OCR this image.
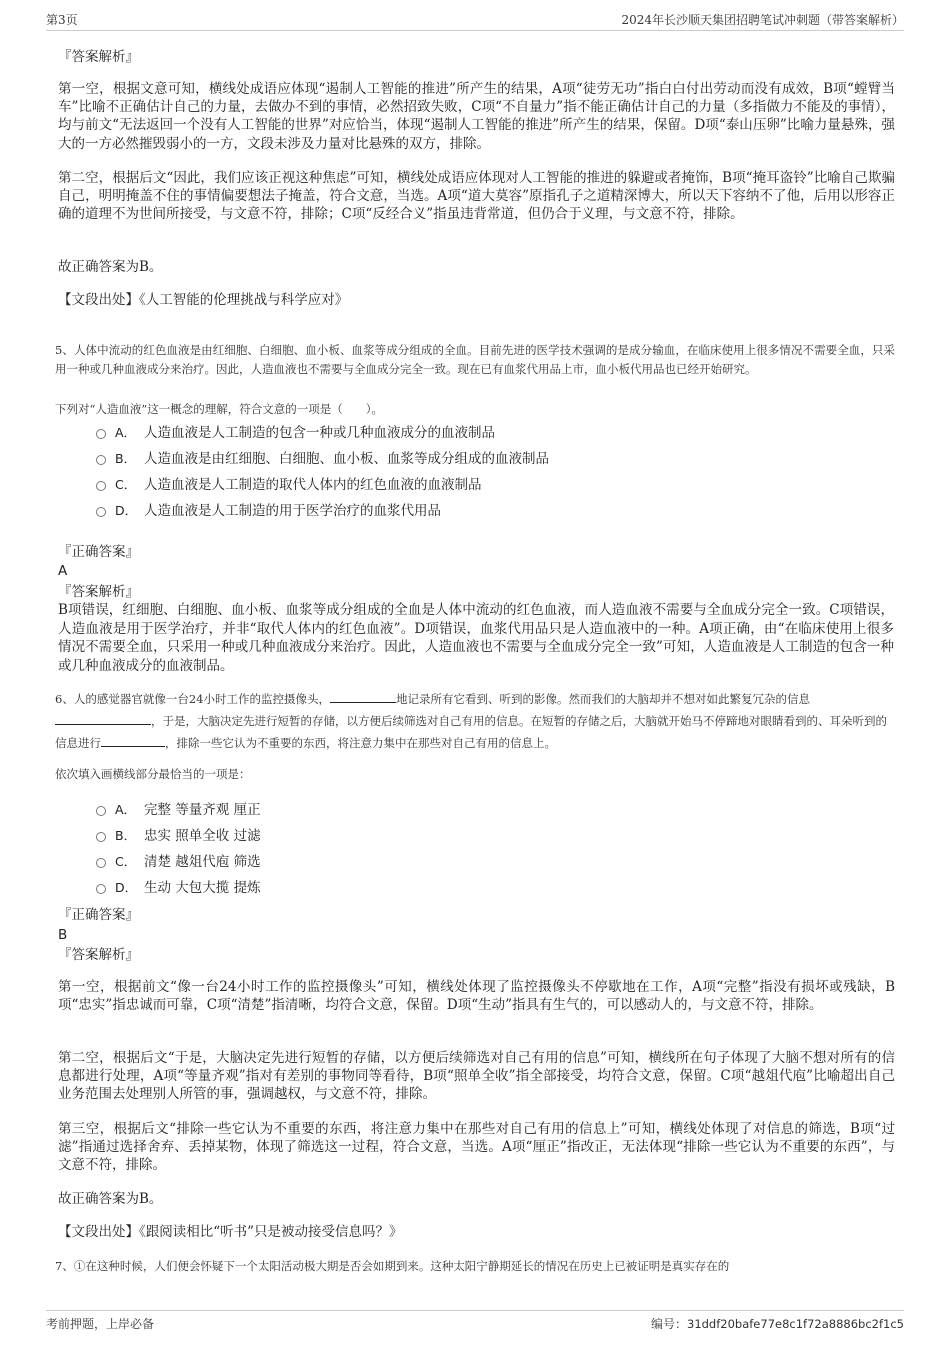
第3页	2024年长沙顺天集团招聘笔试冲刺题（带答案解析）
『答案解析』

第一空，根据文意可知，横线处成语应体现“遏制人工智能的推进”所产生的结果，A项“徒劳无功”指白白付出劳动而没有成效，B项“螳臂当车”比喻不正确估计自己的力量，去做办不到的事情，必然招致失败，C项“不自量力”指不能正确估计自己的力量（多指做力不能及的事情），均与前文“无法返回一个没有人工智能的世界”对应恰当，体现“遏制人工智能的推进”所产生的结果，保留。D项“泰山压卵”比喻力量悬殊，强大的一方必然摧毁弱小的一方，文段未涉及力量对比悬殊的双方，排除。

第二空，根据后文“因此，我们应该正视这种焦虑”可知，横线处成语应体现对人工智能的推进的躲避或者掩饰，B项“掩耳盗铃”比喻自己欺骗自己，明明掩盖不住的事情偏要想法子掩盖，符合文意，当选。A项“道大莫容”原指孔子之道精深博大，所以天下容纳不了他，后用以形容正确的道理不为世间所接受，与文意不符，排除；C项“反经合义”指虽违背常道，但仍合于义理，与文意不符，排除。

故正确答案为B。

【文段出处】《人工智能的伦理挑战与科学应对》

5、人体中流动的红色血液是由红细胞、白细胞、血小板、血浆等成分组成的全血。目前先进的医学技术强调的是成分输血，在临床使用上很多情况不需要全血，只采用一种或几种血液成分来治疗。因此，人造血液也不需要与全血成分完全一致。现在已有血浆代用品上市，血小板代用品也已经开始研究。

下列对“人造血液”这一概念的理解，符合文意的一项是（　　）。

A． 人造血液是人工制造的包含一种或几种血液成分的血液制品
B． 人造血液是由红细胞、白细胞、血小板、血浆等成分组成的血液制品
C． 人造血液是人工制造的取代人体内的红色血液的血液制品
D． 人造血液是人工制造的用于医学治疗的血浆代用品
『正确答案』
A
『答案解析』

B项错误，红细胞、白细胞、血小板、血浆等成分组成的全血是人体中流动的红色血液，而人造血液不需要与全血成分完全一致。C项错误，人造血液是用于医学治疗，并非“取代人体内的红色血液”。D项错误，血浆代用品只是人造血液中的一种。A项正确，由“在临床使用上很多情况不需要全血，只采用一种或几种血液成分来治疗。因此，人造血液也不需要与全血成分完全一致”可知，人造血液是人工制造的包含一种或几种血液成分的血液制品。

6、人的感觉器官就像一台24小时工作的监控摄像头，	地记录所有它看到、听到的影像。然而我们的大脑却并不想对如此繁复冗杂的信息，于是，大脑决定先进行短暂的存储，以方便后续筛选对自己有用的信息。在短暂的存储之后，大脑就开始马不停蹄地对眼睛看到的、耳朵听到的信息进行	，排除一些它认为不重要的东西，将注意力集中在那些对自己有用的信息上。

依次填入画横线部分最恰当的一项是：

A． 完整 等量齐观 厘正
B． 忠实 照单全收 过滤
C． 清楚 越俎代庖 筛选
D． 生动 大包大揽 提炼
『正确答案』
B
『答案解析』

第一空，根据前文“像一台24小时工作的监控摄像头”可知，横线处体现了监控摄像头不停歇地在工作，A项“完整”指没有损坏或残缺，B项“忠实”指忠诚而可靠，C项“清楚”指清晰，均符合文意，保留。D项“生动”指具有生气的，可以感动人的，与文意不符，排除。

第二空，根据后文“于是，大脑决定先进行短暂的存储，以方便后续筛选对自己有用的信息”可知，横线所在句子体现了大脑不想对所有的信息都进行处理，A项“等量齐观”指对有差别的事物同等看待，B项“照单全收”指全部接受，均符合文意，保留。C项“越俎代庖”比喻超出自己业务范围去处理别人所管的事，强调越权，与文意不符，排除。

第三空，根据后文“排除一些它认为不重要的东西，将注意力集中在那些对自己有用的信息上”可知，横线处体现了对信息的筛选，B项“过滤”指通过选择舍弃、丢掉某物，体现了筛选这一过程，符合文意，当选。A项“厘正”指改正，无法体现“排除一些它认为不重要的东西”，与文意不符，排除。

故正确答案为B。

【文段出处】《跟阅读相比“听书”只是被动接受信息吗？》

7、①在这种时候，人们便会怀疑下一个太阳活动极大期是否会如期到来。这种太阳宁静期延长的情况在历史上已被证明是真实存在的

考前押题，上岸必备	编号：31ddf20bafe77e8c1f72a8886bc2f1c5
